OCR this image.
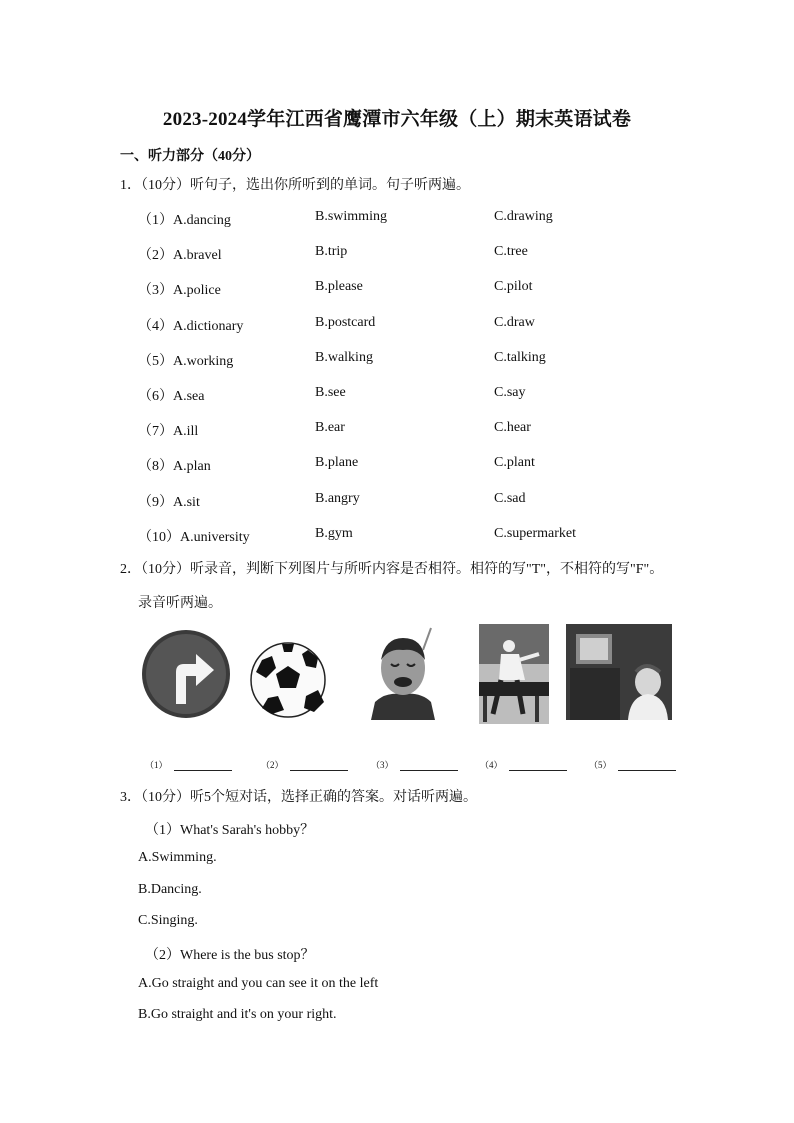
2023-2024学年江西省鹰潭市六年级（上）期末英语试卷
一、听力部分（40分）
1．（10分）听句子，选出你所听到的单词。句子听两遍。
（1）A.dancing	B.swimming	C.drawing
（2）A.bravel	B.trip	C.tree
（3）A.police	B.please	C.pilot
（4）A.dictionary	B.postcard	C.draw
（5）A.working	B.walking	C.talking
（6）A.sea	B.see	C.say
（7）A.ill	B.ear	C.hear
（8）A.plan	B.plane	C.plant
（9）A.sit	B.angry	C.sad
（10）A.university	B.gym	C.supermarket
2．（10分）听录音，判断下列图片与所听内容是否相符。相符的写"T"，不相符的写"F"。
录音听两遍。
（1）	（2）	（3）	（4）	（5）
3．（10分）听5个短对话，选择正确的答案。对话听两遍。
（1）What's Sarah's hobby？
A.Swimming.
B.Dancing.
C.Singing.
（2）Where is the bus stop？
A.Go straight and you can see it on the left
B.Go straight and it's on your right.
